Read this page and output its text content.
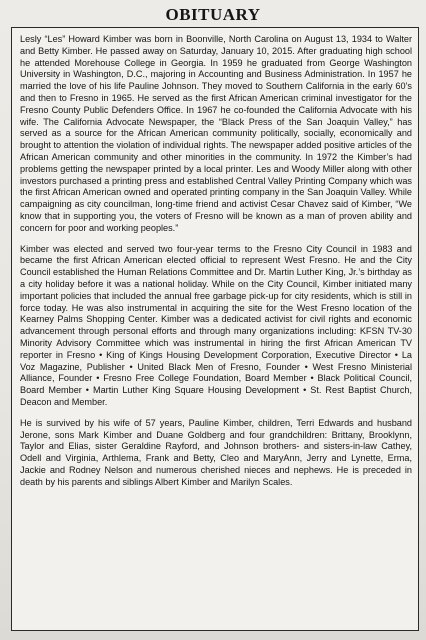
OBITUARY

Lesly “Les” Howard Kimber was born in Boonville, North Carolina on August 13, 1934 to Walter and Betty Kimber. He passed away on Saturday, January 10, 2015. After graduating high school he attended Morehouse College in Georgia. In 1959 he graduated from George Washington University in Washington, D.C., majoring in Accounting and Business Administration. In 1957 he married the love of his life Pauline Johnson. They moved to Southern California in the early 60’s and then to Fresno in 1965. He served as the first African American criminal investigator for the Fresno County Public Defenders Office. In 1967 he co-founded the California Advocate with his wife. The California Advocate Newspaper, the “Black Press of the San Joaquin Valley,” has served as a source for the African American community politically, socially, economically and brought to attention the violation of individual rights. The newspaper added positive articles of the African American community and other minorities in the community. In 1972 the Kimber’s had problems getting the newspaper printed by a local printer. Les and Woody Miller along with other investors purchased a printing press and established Central Valley Printing Company which was the first African American owned and operated printing company in the San Joaquin Valley. While campaigning as city councilman, long-time friend and activist Cesar Chavez said of Kimber, “We know that in supporting you, the voters of Fresno will be known as a man of proven ability and concern for poor and working peoples.”

Kimber was elected and served two four-year terms to the Fresno City Council in 1983 and became the first African American elected official to represent West Fresno. He and the City Council established the Human Relations Committee and Dr. Martin Luther King, Jr.’s birthday as a city holiday before it was a national holiday. While on the City Council, Kimber initiated many important policies that included the annual free garbage pick-up for city residents, which is still in force today. He was also instrumental in acquiring the site for the West Fresno location of the Kearney Palms Shopping Center. Kimber was a dedicated activist for civil rights and economic advancement through personal efforts and through many organizations including: KFSN TV-30 Minority Advisory Committee which was instrumental in hiring the first African American TV reporter in Fresno • King of Kings Housing Development Corporation, Executive Director • La Voz Magazine, Publisher • United Black Men of Fresno, Founder • West Fresno Ministerial Alliance, Founder • Fresno Free College Foundation, Board Member • Black Political Council, Board Member • Martin Luther King Square Housing Development • St. Rest Baptist Church, Deacon and Member.

He is survived by his wife of 57 years, Pauline Kimber, children, Terri Edwards and husband Jerone, sons Mark Kimber and Duane Goldberg and four grandchildren: Brittany, Brooklynn, Taylor and Elias, sister Geraldine Rayford, and Johnson brothers- and sisters-in-law Cathey, Odell and Virginia, Arthlema, Frank and Betty, Cleo and MaryAnn, Jerry and Lynette, Erma, Jackie and Rodney Nelson and numerous cherished nieces and nephews. He is preceded in death by his parents and siblings Albert Kimber and Marilyn Scales.
